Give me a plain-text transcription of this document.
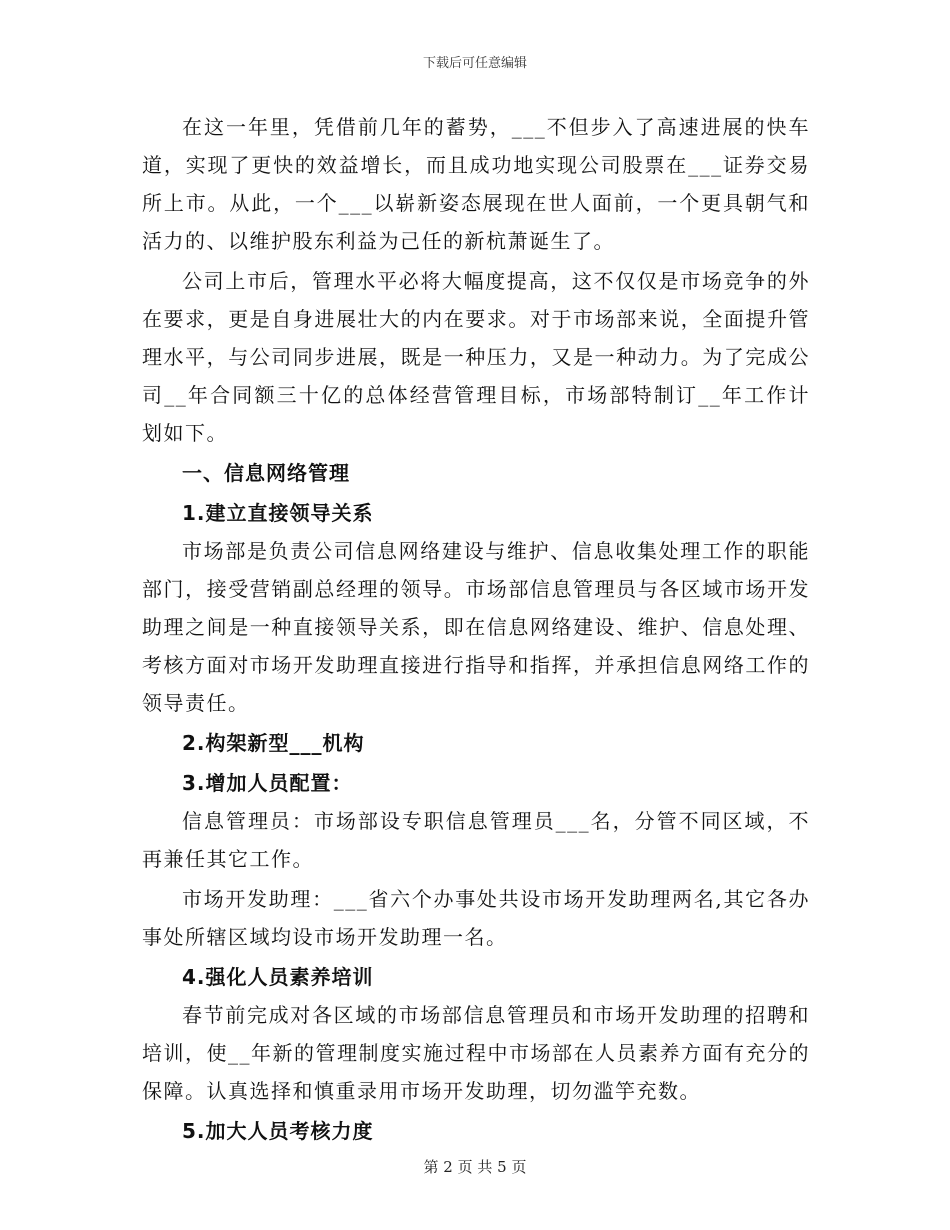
下载后可任意编辑

在这一年里，凭借前几年的蓄势，___不但步入了高速进展的快车道，实现了更快的效益增长，而且成功地实现公司股票在___证券交易所上市。从此，一个___以崭新姿态展现在世人面前，一个更具朝气和活力的、以维护股东利益为己任的新杭萧诞生了。

公司上市后，管理水平必将大幅度提高，这不仅仅是市场竞争的外在要求，更是自身进展壮大的内在要求。对于市场部来说，全面提升管理水平，与公司同步进展，既是一种压力，又是一种动力。为了完成公司__年合同额三十亿的总体经营管理目标，市场部特制订__年工作计划如下。

一、信息网络管理

1.建立直接领导关系

市场部是负责公司信息网络建设与维护、信息收集处理工作的职能部门，接受营销副总经理的领导。市场部信息管理员与各区域市场开发助理之间是一种直接领导关系，即在信息网络建设、维护、信息处理、考核方面对市场开发助理直接进行指导和指挥，并承担信息网络工作的领导责任。

2.构架新型___机构

3.增加人员配置：

信息管理员：市场部设专职信息管理员___名，分管不同区域，不再兼任其它工作。

市场开发助理：___省六个办事处共设市场开发助理两名,其它各办事处所辖区域均设市场开发助理一名。

4.强化人员素养培训

春节前完成对各区域的市场部信息管理员和市场开发助理的招聘和培训，使__年新的管理制度实施过程中市场部在人员素养方面有充分的保障。认真选择和慎重录用市场开发助理，切勿滥竽充数。

5.加大人员考核力度

第 2 页 共 5 页
